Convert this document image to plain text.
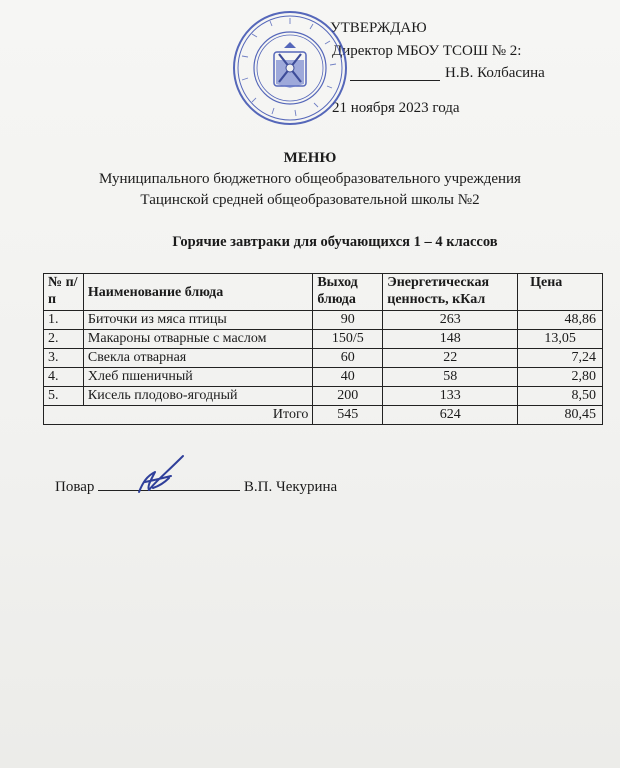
УТВЕРЖДАЮ
Директор МБОУ ТСОШ № 2:
Н.В. Колбасина
21 ноября 2023 года
МЕНЮ
Муниципального бюджетного общеобразовательного учреждения
Тацинской средней общеобразовательной школы №2
Горячие завтраки для обучающихся 1 – 4 классов
№ п/п	Наименование блюда	Выход блюда	Энергетическая ценность, кКал	Цена
1.	Биточки из мяса птицы	90	263	48,86
2.	Макароны отварные с маслом	150/5	148	13,05
3.	Свекла отварная	60	22	7,24
4.	Хлеб пшеничный	40	58	2,80
5.	Кисель плодово-ягодный	200	133	8,50
Итого		545	624	80,45
Повар	В.П. Чекурина
